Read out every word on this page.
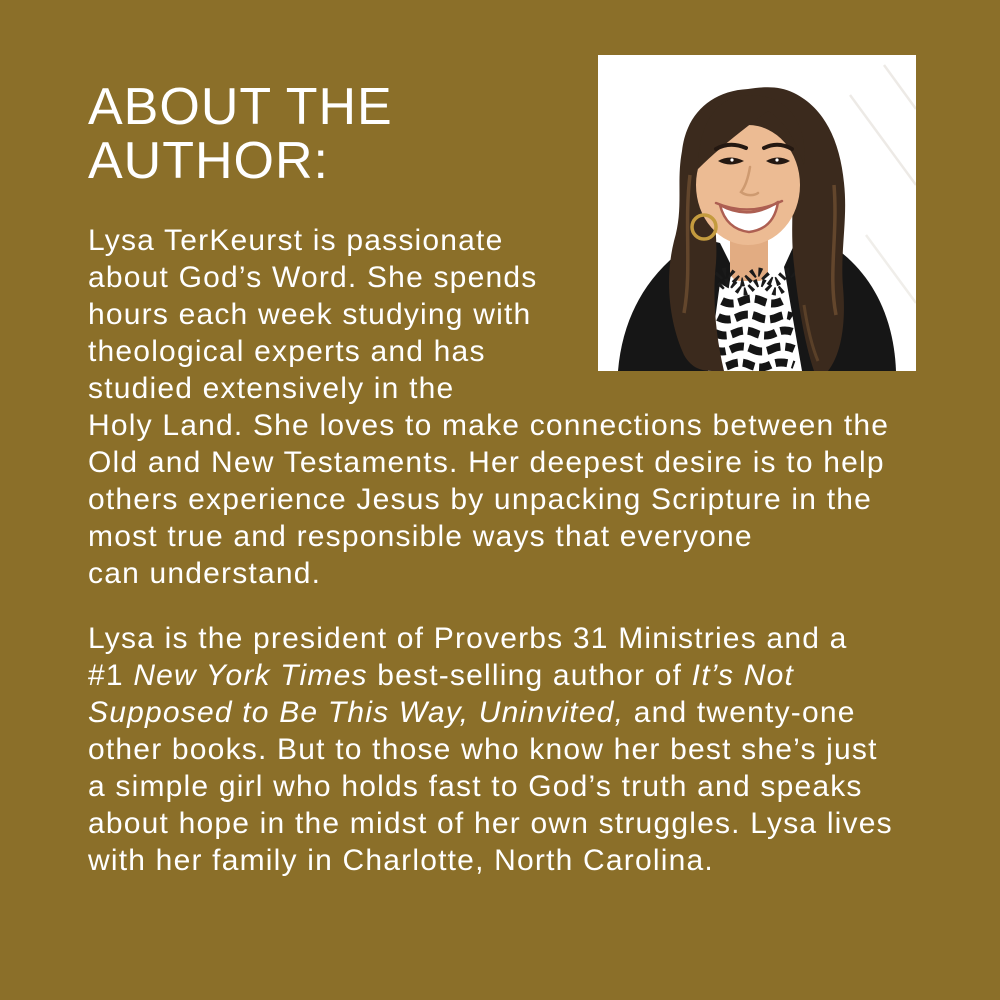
ABOUT THE
AUTHOR:
Lysa TerKeurst is passionate
about God’s Word. She spends
hours each week studying with
theological experts and has
studied extensively in the
Holy Land. She loves to make connections between the
Old and New Testaments. Her deepest desire is to help
others experience Jesus by unpacking Scripture in the
most true and responsible ways that everyone
can understand.
Lysa is the president of Proverbs 31 Ministries and a
#1 New York Times best-selling author of It’s Not
Supposed to Be This Way, Uninvited, and twenty-one
other books. But to those who know her best she’s just
a simple girl who holds fast to God’s truth and speaks
about hope in the midst of her own struggles. Lysa lives
with her family in Charlotte, North Carolina.
